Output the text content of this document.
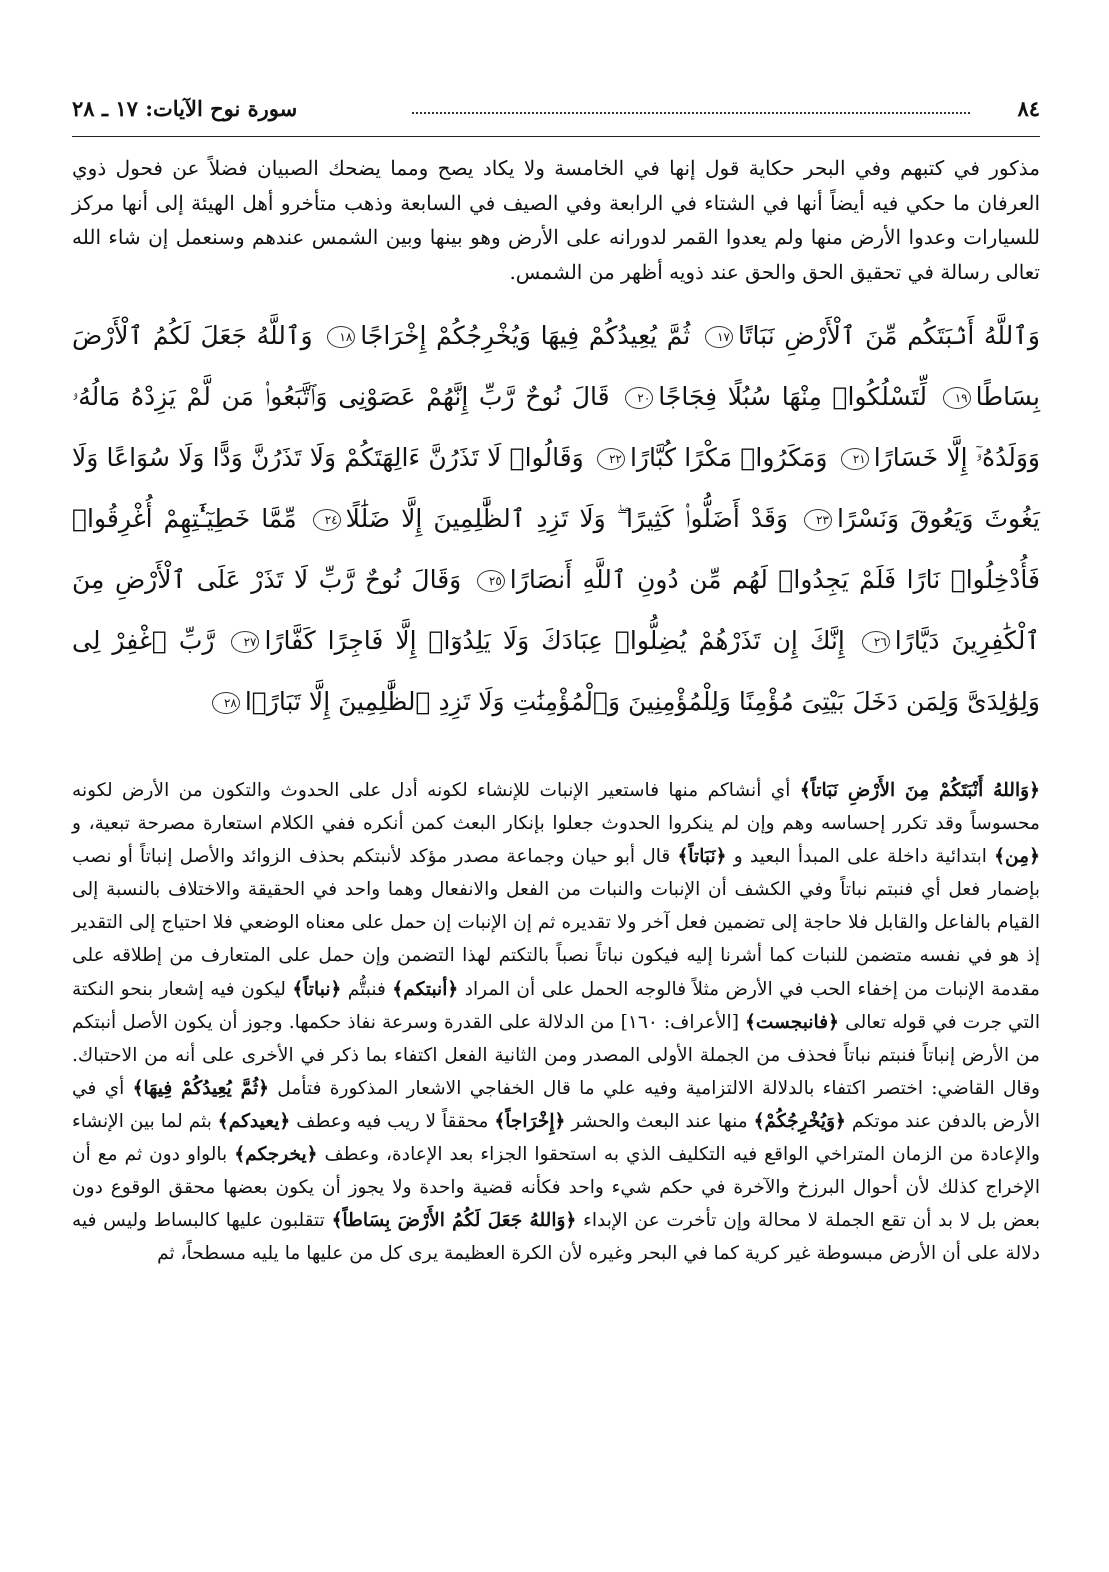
٨٤
سورة نوح الآيات: ١٧ ـ ٢٨
مذكور في كتبهم وفي البحر حكاية قول إنها في الخامسة ولا يكاد يصح ومما يضحك الصبيان فضلاً عن فحول ذوي العرفان ما حكي فيه أيضاً أنها في الشتاء في الرابعة وفي الصيف في السابعة وذهب متأخرو أهل الهيئة إلى أنها مركز للسيارات وعدوا الأرض منها ولم يعدوا القمر لدورانه على الأرض وهو بينها وبين الشمس عندهم وسنعمل إن شاء الله تعالى رسالة في تحقيق الحق والحق عند ذويه أظهر من الشمس.
وَٱللَّهُ أَنۢبَتَكُم مِّنَ ٱلْأَرْضِ نَبَاتًا١٧ ثُمَّ يُعِيدُكُمْ فِيهَا وَيُخْرِجُكُمْ إِخْرَاجًا١٨ وَٱللَّهُ جَعَلَ لَكُمُ ٱلْأَرْضَ بِسَاطًا١٩ لِّتَسْلُكُوا۟ مِنْهَا سُبُلًا فِجَاجًا٢٠ قَالَ نُوحٌ رَّبِّ إِنَّهُمْ عَصَوْنِى وَٱتَّبَعُوا۟ مَن لَّمْ يَزِدْهُ مَالُهُۥ وَوَلَدُهُۥٓ إِلَّا خَسَارًا٢١ وَمَكَرُوا۟ مَكْرًا كُبَّارًا٢٢ وَقَالُوا۟ لَا تَذَرُنَّ ءَالِهَتَكُمْ وَلَا تَذَرُنَّ وَدًّا وَلَا سُوَاعًا وَلَا يَغُوثَ وَيَعُوقَ وَنَسْرًا٢٣ وَقَدْ أَضَلُّوا۟ كَثِيرًا ۖ وَلَا تَزِدِ ٱلظَّٰلِمِينَ إِلَّا ضَلَٰلًا٢٤ مِّمَّا خَطِيٓـَٰٔتِهِمْ أُغْرِقُوا۟ فَأُدْخِلُوا۟ نَارًا فَلَمْ يَجِدُوا۟ لَهُم مِّن دُونِ ٱللَّهِ أَنصَارًا٢٥ وَقَالَ نُوحٌ رَّبِّ لَا تَذَرْ عَلَى ٱلْأَرْضِ مِنَ ٱلْكَٰفِرِينَ دَيَّارًا٢٦ إِنَّكَ إِن تَذَرْهُمْ يُضِلُّوا۟ عِبَادَكَ وَلَا يَلِدُوٓا۟ إِلَّا فَاجِرًا كَفَّارًا٢٧ رَّبِّ ٱغْفِرْ لِى وَلِوَٰلِدَىَّ وَلِمَن دَخَلَ بَيْتِىَ مُؤْمِنًا وَلِلْمُؤْمِنِينَ وَٱلْمُؤْمِنَٰتِ وَلَا تَزِدِ ٱلظَّٰلِمِينَ إِلَّا تَبَارًۢا٢٨

﴿وَاللهُ أَنْبَتَكُمْ مِنَ الأَرْضِ نَبَاتاً﴾ أي أنشاكم منها فاستعير الإنبات للإنشاء لكونه أدل على الحدوث والتكون من الأرض لكونه محسوساً وقد تكرر إحساسه وهم وإن لم ينكروا الحدوث جعلوا بإنكار البعث كمن أنكره ففي الكلام استعارة مصرحة تبعية، و ﴿مِن﴾ ابتدائية داخلة على المبدأ البعيد و ﴿نَبَاتاً﴾ قال أبو حيان وجماعة مصدر مؤكد لأنبتكم بحذف الزوائد والأصل إنباتاً أو نصب بإضمار فعل أي فنبتم نباتاً وفي الكشف أن الإنبات والنبات من الفعل والانفعال وهما واحد في الحقيقة والاختلاف بالنسبة إلى القيام بالفاعل والقابل فلا حاجة إلى تضمين فعل آخر ولا تقديره ثم إن الإنبات إن حمل على معناه الوضعي فلا احتياج إلى التقدير إذ هو في نفسه متضمن للنبات كما أشرنا إليه فيكون نباتاً نصباً بالتكتم لهذا التضمن وإن حمل على المتعارف من إطلاقه على مقدمة الإنبات من إخفاء الحب في الأرض مثلاً فالوجه الحمل على أن المراد ﴿أنبتكم﴾ فنبتُّم ﴿نباتاً﴾ ليكون فيه إشعار بنحو النكتة التي جرت في قوله تعالى ﴿فانبجست﴾ [الأعراف: ١٦٠] من الدلالة على القدرة وسرعة نفاذ حكمها. وجوز أن يكون الأصل أنبتكم من الأرض إنباتاً فنبتم نباتاً فحذف من الجملة الأولى المصدر ومن الثانية الفعل اكتفاء بما ذكر في الأخرى على أنه من الاحتباك. وقال القاضي: اختصر اكتفاء بالدلالة الالتزامية وفيه علي ما قال الخفاجي الاشعار المذكورة فتأمل ﴿ثُمَّ يُعِيدُكُمْ فِيهَا﴾ أي في الأرض بالدفن عند موتكم ﴿وَيُخْرِجُكُمْ﴾ منها عند البعث والحشر ﴿إِخْرَاجاً﴾ محققاً لا ريب فيه وعطف ﴿يعيدكم﴾ بثم لما بين الإنشاء والإعادة من الزمان المتراخي الواقع فيه التكليف الذي به استحقوا الجزاء بعد الإعادة، وعطف ﴿يخرجكم﴾ بالواو دون ثم مع أن الإخراج كذلك لأن أحوال البرزخ والآخرة في حكم شيء واحد فكأنه قضية واحدة ولا يجوز أن يكون بعضها محقق الوقوع دون بعض بل لا بد أن تقع الجملة لا محالة وإن تأخرت عن الإبداء ﴿وَاللهُ جَعَلَ لَكُمُ الأَرْضَ بِسَاطاً﴾ تتقلبون عليها كالبساط وليس فيه دلالة على أن الأرض مبسوطة غير كرية كما في البحر وغيره لأن الكرة العظيمة يرى كل من عليها ما يليه مسطحاً، ثم
